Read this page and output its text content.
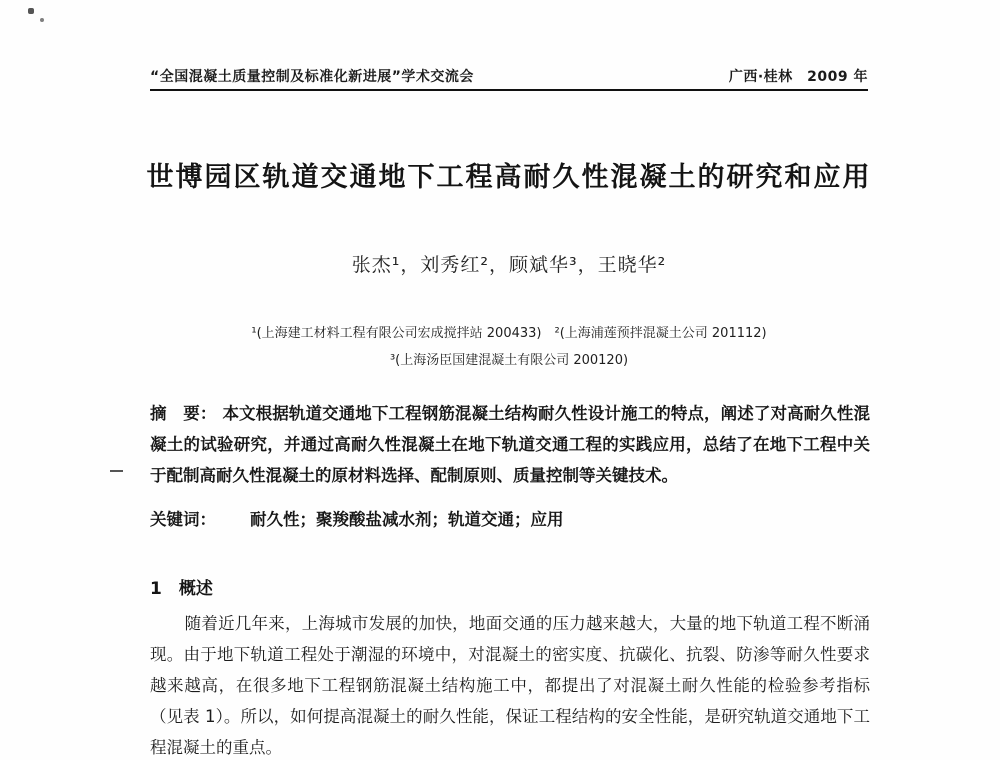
“全国混凝土质量控制及标准化新进展”学术交流会	广西·桂林　2009 年
世博园区轨道交通地下工程高耐久性混凝土的研究和应用
张杰¹，刘秀红²，顾斌华³，王晓华²
¹(上海建工材料工程有限公司宏成搅拌站 200433)　²(上海浦莲预拌混凝土公司 201112)
³(上海汤臣国建混凝土有限公司 200120)

摘　要： 本文根据轨道交通地下工程钢筋混凝土结构耐久性设计施工的特点，阐述了对高耐久性混凝土的试验研究，并通过高耐久性混凝土在地下轨道交通工程的实践应用，总结了在地下工程中关于配制高耐久性混凝土的原材料选择、配制原则、质量控制等关键技术。

关键词： 耐久性；聚羧酸盐减水剂；轨道交通；应用

1　概述

随着近几年来，上海城市发展的加快，地面交通的压力越来越大，大量的地下轨道工程不断涌现。由于地下轨道工程处于潮湿的环境中，对混凝土的密实度、抗碳化、抗裂、防渗等耐久性要求越来越高，在很多地下工程钢筋混凝土结构施工中，都提出了对混凝土耐久性能的检验参考指标（见表 1）。所以，如何提高混凝土的耐久性能，保证工程结构的安全性能，是研究轨道交通地下工程混凝土的重点。
